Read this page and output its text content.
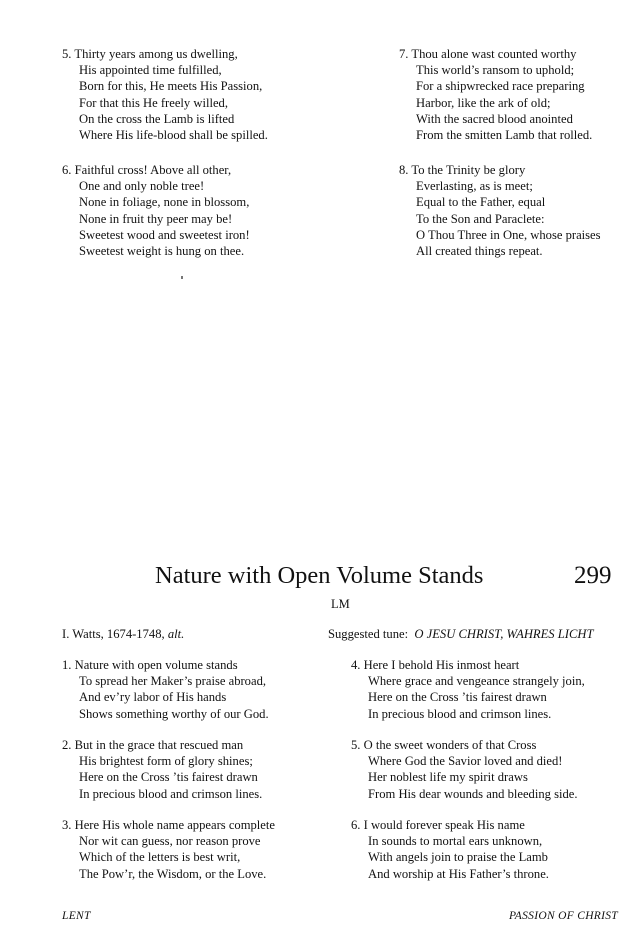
5. Thirty years among us dwelling,
His appointed time fulfilled,
Born for this, He meets His Passion,
For that this He freely willed,
On the cross the Lamb is lifted
Where His life-blood shall be spilled.
6. Faithful cross! Above all other,
One and only noble tree!
None in foliage, none in blossom,
None in fruit thy peer may be!
Sweetest wood and sweetest iron!
Sweetest weight is hung on thee.
7. Thou alone wast counted worthy
This world’s ransom to uphold;
For a shipwrecked race preparing
Harbor, like the ark of old;
With the sacred blood anointed
From the smitten Lamb that rolled.
8. To the Trinity be glory
Everlasting, as is meet;
Equal to the Father, equal
To the Son and Paraclete:
O Thou Three in One, whose praises
All created things repeat.
Nature with Open Volume Stands	299
LM
I. Watts, 1674-1748, alt.	Suggested tune: O JESU CHRIST, WAHRES LICHT
1. Nature with open volume stands
To spread her Maker’s praise abroad,
And ev’ry labor of His hands
Shows something worthy of our God.
2. But in the grace that rescued man
His brightest form of glory shines;
Here on the Cross ’tis fairest drawn
In precious blood and crimson lines.
3. Here His whole name appears complete
Nor wit can guess, nor reason prove
Which of the letters is best writ,
The Pow’r, the Wisdom, or the Love.
4. Here I behold His inmost heart
Where grace and vengeance strangely join,
Here on the Cross ’tis fairest drawn
In precious blood and crimson lines.
5. O the sweet wonders of that Cross
Where God the Savior loved and died!
Her noblest life my spirit draws
From His dear wounds and bleeding side.
6. I would forever speak His name
In sounds to mortal ears unknown,
With angels join to praise the Lamb
And worship at His Father’s throne.
LENT	PASSION OF CHRIST
